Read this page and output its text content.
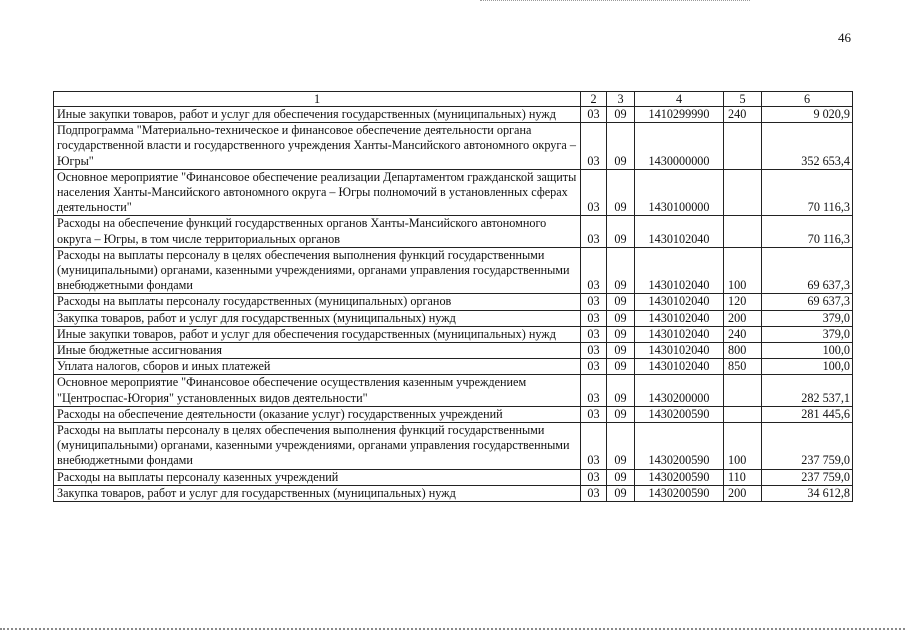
46
1	2	3	4	5	6
Иные закупки товаров, работ и услуг для обеспечения государственных (муниципальных) нужд	03	09	1410299990	240	9 020,9
Подпрограмма "Материально-техническое и финансовое обеспечение деятельности органа государственной власти и государственного учреждения Ханты-Мансийского автономного округа – Югры"	03	09	1430000000		352 653,4
Основное мероприятие "Финансовое обеспечение реализации Департаментом гражданской защиты населения Ханты-Мансийского автономного округа – Югры полномочий в установленных сферах деятельности"	03	09	1430100000		70 116,3
Расходы на обеспечение функций государственных органов Ханты-Мансийского автономного округа – Югры, в том числе территориальных органов	03	09	1430102040		70 116,3
Расходы на выплаты персоналу в целях обеспечения выполнения функций государственными (муниципальными) органами, казенными учреждениями, органами управления государственными внебюджетными фондами	03	09	1430102040	100	69 637,3
Расходы на выплаты персоналу государственных (муниципальных) органов	03	09	1430102040	120	69 637,3
Закупка товаров, работ и услуг для государственных (муниципальных) нужд	03	09	1430102040	200	379,0
Иные закупки товаров, работ и услуг для обеспечения государственных (муниципальных) нужд	03	09	1430102040	240	379,0
Иные бюджетные ассигнования	03	09	1430102040	800	100,0
Уплата налогов, сборов и иных платежей	03	09	1430102040	850	100,0
Основное мероприятие "Финансовое обеспечение осуществления казенным учреждением "Центроспас-Югория" установленных видов деятельности"	03	09	1430200000		282 537,1
Расходы на обеспечение деятельности (оказание услуг) государственных учреждений	03	09	1430200590		281 445,6
Расходы на выплаты персоналу в целях обеспечения выполнения функций государственными (муниципальными) органами, казенными учреждениями, органами управления государственными внебюджетными фондами	03	09	1430200590	100	237 759,0
Расходы на выплаты персоналу казенных учреждений	03	09	1430200590	110	237 759,0
Закупка товаров, работ и услуг для государственных (муниципальных) нужд	03	09	1430200590	200	34 612,8
